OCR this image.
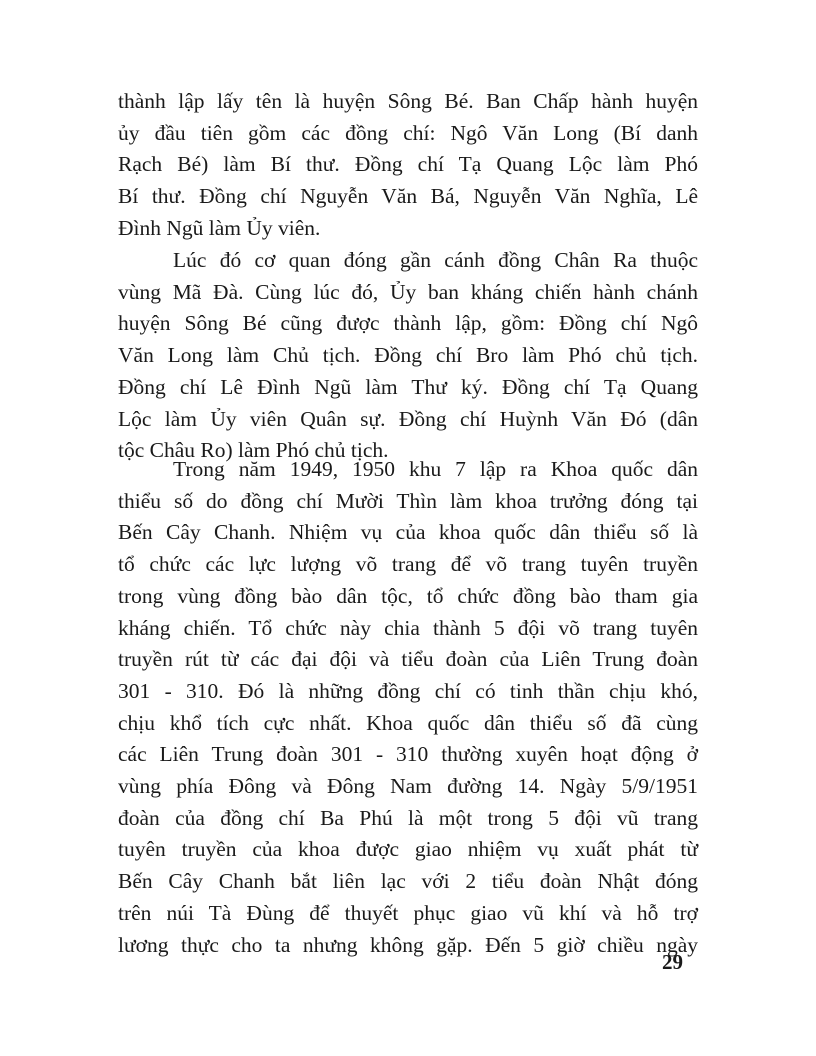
thành lập lấy tên là huyện Sông Bé. Ban Chấp hành huyện
ủy đầu tiên gồm các đồng chí: Ngô Văn Long (Bí danh
Rạch Bé) làm Bí thư. Đồng chí Tạ Quang Lộc làm Phó
Bí thư. Đồng chí Nguyễn Văn Bá, Nguyễn Văn Nghĩa, Lê
Đình Ngũ làm Ủy viên.
Lúc đó cơ quan đóng gần cánh đồng Chân Ra thuộc
vùng Mã Đà. Cùng lúc đó, Ủy ban kháng chiến hành chánh
huyện Sông Bé cũng được thành lập, gồm: Đồng chí Ngô
Văn Long làm Chủ tịch. Đồng chí Bro làm Phó chủ tịch.
Đồng chí Lê Đình Ngũ làm Thư ký. Đồng chí Tạ Quang
Lộc làm Ủy viên Quân sự. Đồng chí Huỳnh Văn Đó (dân
tộc Châu Ro) làm Phó chủ tịch.
Trong năm 1949, 1950 khu 7 lập ra Khoa quốc dân
thiểu số do đồng chí Mười Thìn làm khoa trưởng đóng tại
Bến Cây Chanh. Nhiệm vụ của khoa quốc dân thiểu số là
tổ chức các lực lượng võ trang để võ trang tuyên truyền
trong vùng đồng bào dân tộc, tổ chức đồng bào tham gia
kháng chiến. Tổ chức này chia thành 5 đội võ trang tuyên
truyền rút từ các đại đội và tiểu đoàn của Liên Trung đoàn
301 - 310. Đó là những đồng chí có tinh thần chịu khó,
chịu khổ tích cực nhất. Khoa quốc dân thiểu số đã cùng
các Liên Trung đoàn 301 - 310 thường xuyên hoạt động ở
vùng phía Đông và Đông Nam đường 14. Ngày 5/9/1951
đoàn của đồng chí Ba Phú là một trong 5 đội vũ trang
tuyên truyền của khoa được giao nhiệm vụ xuất phát từ
Bến Cây Chanh bắt liên lạc với 2 tiểu đoàn Nhật đóng
trên núi Tà Đùng để thuyết phục giao vũ khí và hỗ trợ
lương thực cho ta nhưng không gặp. Đến 5 giờ chiều ngày
29
